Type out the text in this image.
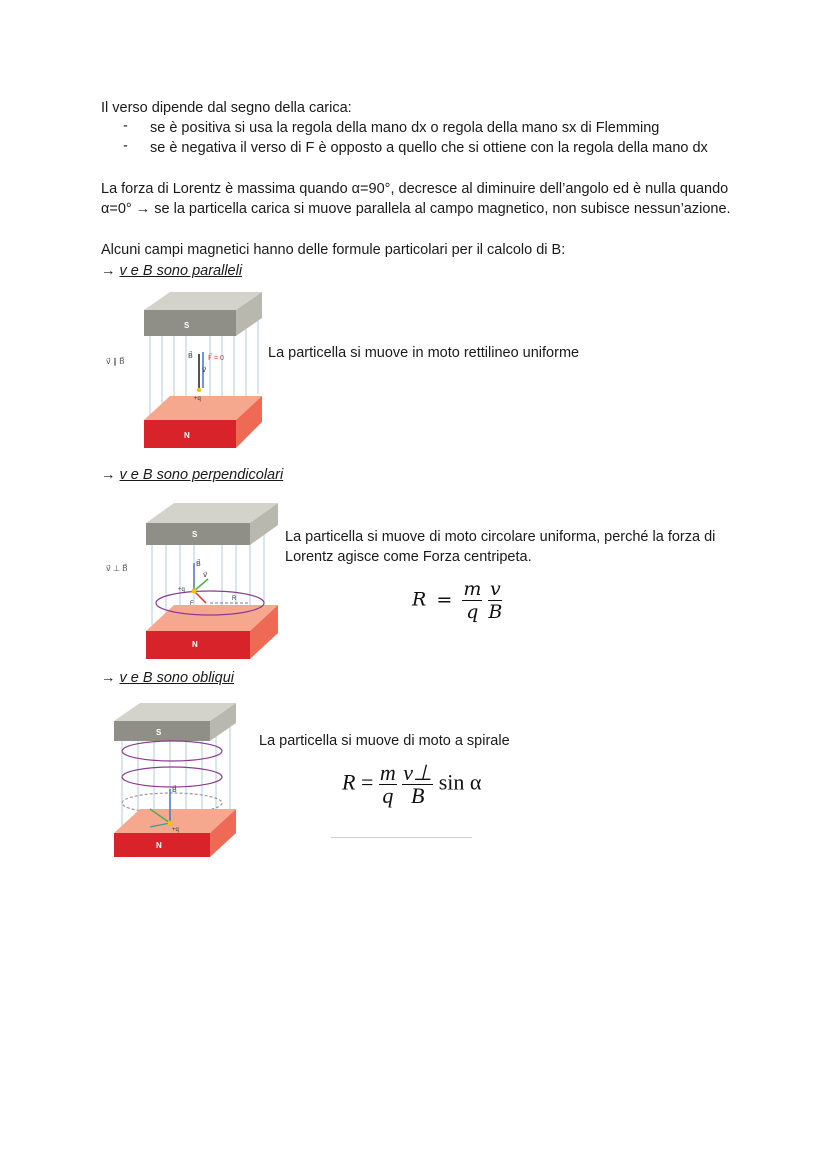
Il verso dipende dal segno della carica:
- se è positiva si usa la regola della mano dx o regola della mano sx di Flemming
- se è negativa il verso di F è opposto a quello che si ottiene con la regola della mano dx
La forza di Lorentz è massima quando α=90°, decresce al diminuire dell’angolo ed è nulla quando
α=0° → se la particella carica si muove parallela al campo magnetico, non subisce nessun’azione.
Alcuni campi magnetici hanno delle formule particolari per il calcolo di B:
→ v e B sono paralleli
v⃗ ∥ B⃗
S
N
B⃗ F⃗ = 0
v⃗
+q
La particella si muove in moto rettilineo uniforme
→ v e B sono perpendicolari
v⃗ ⊥ B⃗
S
N
R
B⃗
v⃗
F
+q
La particella si muove di moto circolare uniforma, perché la forza di
Lorentz agisce come Forza centripeta.
$R = \frac{m}{q}$
$\frac{v}{B}$
→ v e B sono obliqui
S
N
B⃗
+q
La particella si muove di moto a spirale
$R = \frac{m}{q}$
$\frac{v\perp}{B}$ sin α
